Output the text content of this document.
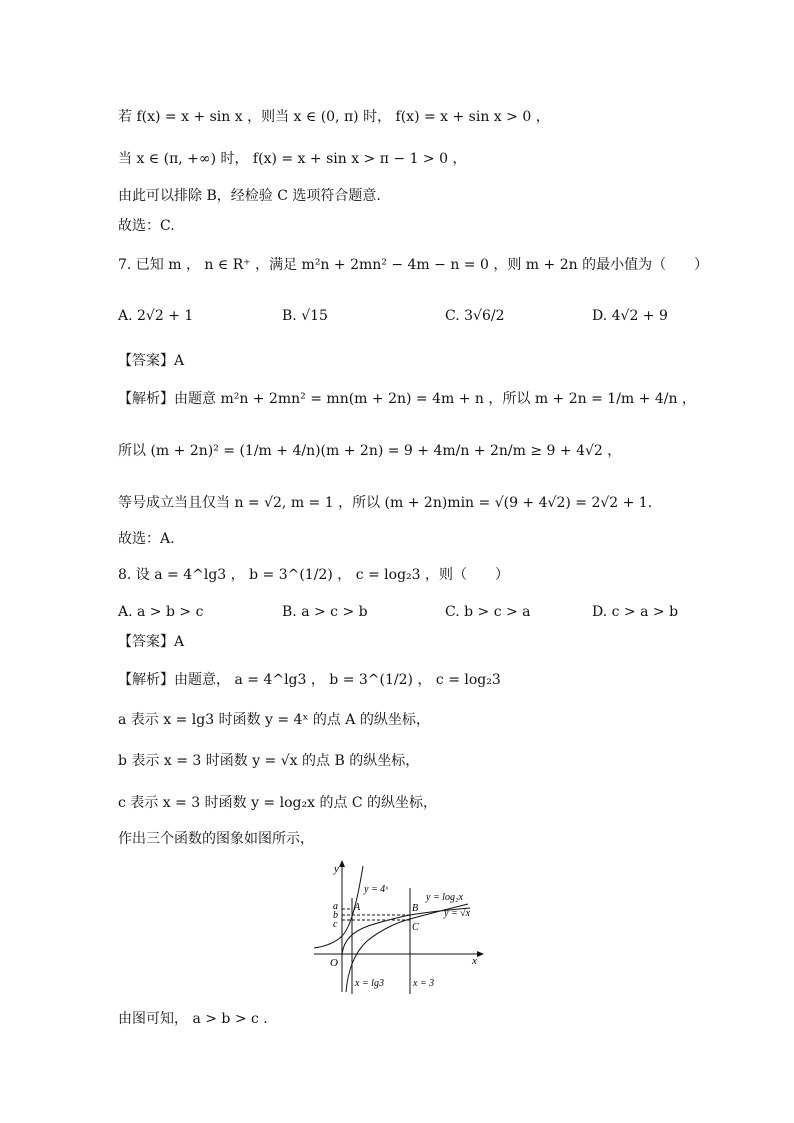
若 f(x) = x + sin x ，则当 x ∈ (0, π) 时， f(x) = x + sin x > 0 ，
当 x ∈ (π, +∞) 时， f(x) = x + sin x > π − 1 > 0 ，
由此可以排除 B，经检验 C 选项符合题意.
故选：C.
7. 已知 m ， n ∈ R⁺ ，满足 m²n + 2mn² − 4m − n = 0 ，则 m + 2n 的最小值为（　　）
A. 2√2 + 1	B. √15	C. 3√6/2	D. 4√2 + 9
【答案】A
【解析】由题意 m²n + 2mn² = mn(m + 2n) = 4m + n ，所以 m + 2n = 1/m + 4/n ，
所以 (m + 2n)² = (1/m + 4/n)(m + 2n) = 9 + 4m/n + 2n/m ≥ 9 + 4√2 ，
等号成立当且仅当 n = √2, m = 1 ，所以 (m + 2n)min = √(9 + 4√2) = 2√2 + 1.
故选：A.
8. 设 a = 4^lg3 ， b = 3^(1/2) ， c = log₂3 ，则（　　）
A. a > b > c	B. a > c > b	C. b > c > a	D. c > a > b
【答案】A
【解析】由题意， a = 4^lg3 ， b = 3^(1/2) ， c = log₂3
a 表示 x = lg3 时函数 y = 4ˣ 的点 A 的纵坐标，
b 表示 x = 3 时函数 y = √x 的点 B 的纵坐标，
c 表示 x = 3 时函数 y = log₂x 的点 C 的纵坐标，
作出三个函数的图象如图所示，
y
x
O
a
b
c
A	B
C
y = 4ˣ
y = log₂x
y = √x
x = lg3	x = 3
由图可知， a > b > c .
